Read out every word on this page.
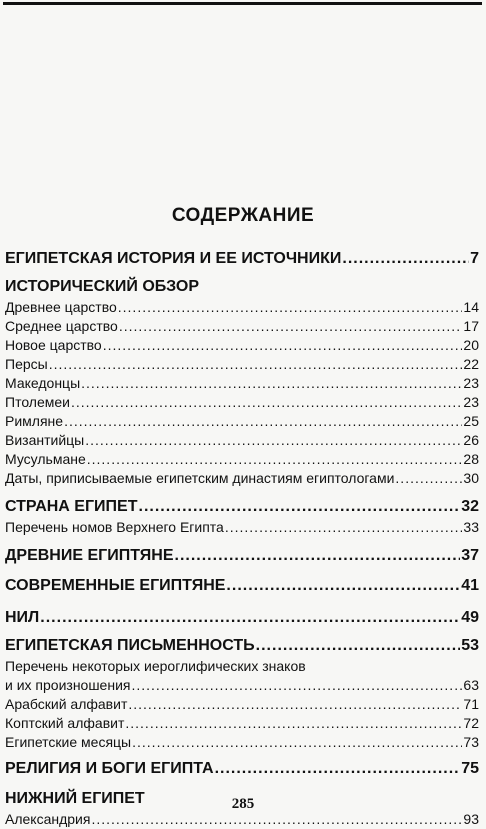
СОДЕРЖАНИЕ
ЕГИПЕТСКАЯ ИСТОРИЯ И ЕЕ ИСТОЧНИКИ .....	7
ИСТОРИЧЕСКИЙ ОБЗОР
Древнее царство .....	14
Среднее царство .....	17
Новое царство .....	20
Персы .....	22
Македонцы .....	23
Птолемеи .....	23
Римляне .....	25
Византийцы .....	26
Мусульмане .....	28
Даты, приписываемые египетским династиям египтологами .....	30
СТРАНА ЕГИПЕТ .....	32
Перечень номов Верхнего Египта .....	33
ДРЕВНИЕ ЕГИПТЯНЕ .....	37
СОВРЕМЕННЫЕ ЕГИПТЯНЕ .....	41
НИЛ .....	49
ЕГИПЕТСКАЯ ПИСЬМЕННОСТЬ .....	53
Перечень некоторых иероглифических знаков
и их произношения .....	63
Арабский алфавит .....	71
Коптский алфавит .....	72
Египетские месяцы .....	73
РЕЛИГИЯ И БОГИ ЕГИПТА .....	75
НИЖНИЙ ЕГИПЕТ
Александрия .....	93
285
